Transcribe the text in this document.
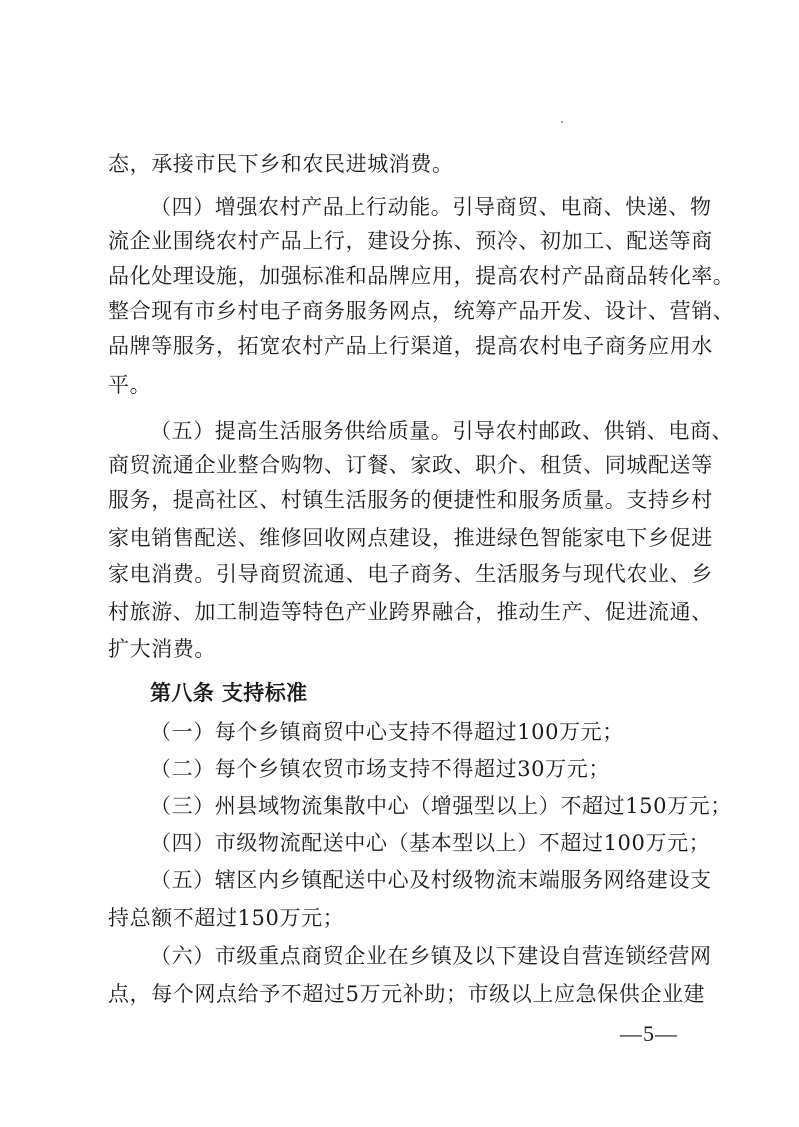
态，承接市民下乡和农民进城消费。
（四）增强农村产品上行动能。引导商贸、电商、快递、物
流企业围绕农村产品上行，建设分拣、预冷、初加工、配送等商
品化处理设施，加强标准和品牌应用，提高农村产品商品转化率。
整合现有市乡村电子商务服务网点，统筹产品开发、设计、营销、
品牌等服务，拓宽农村产品上行渠道，提高农村电子商务应用水
平。
（五）提高生活服务供给质量。引导农村邮政、供销、电商、
商贸流通企业整合购物、订餐、家政、职介、租赁、同城配送等
服务，提高社区、村镇生活服务的便捷性和服务质量。支持乡村
家电销售配送、维修回收网点建设，推进绿色智能家电下乡促进
家电消费。引导商贸流通、电子商务、生活服务与现代农业、乡
村旅游、加工制造等特色产业跨界融合，推动生产、促进流通、
扩大消费。
第八条 支持标准
（一）每个乡镇商贸中心支持不得超过100万元；
（二）每个乡镇农贸市场支持不得超过30万元；
（三）州县域物流集散中心（增强型以上）不超过150万元；
（四）市级物流配送中心（基本型以上）不超过100万元；
（五）辖区内乡镇配送中心及村级物流末端服务网络建设支
持总额不超过150万元；
（六）市级重点商贸企业在乡镇及以下建设自营连锁经营网
点，每个网点给予不超过5万元补助；市级以上应急保供企业建
—5—
